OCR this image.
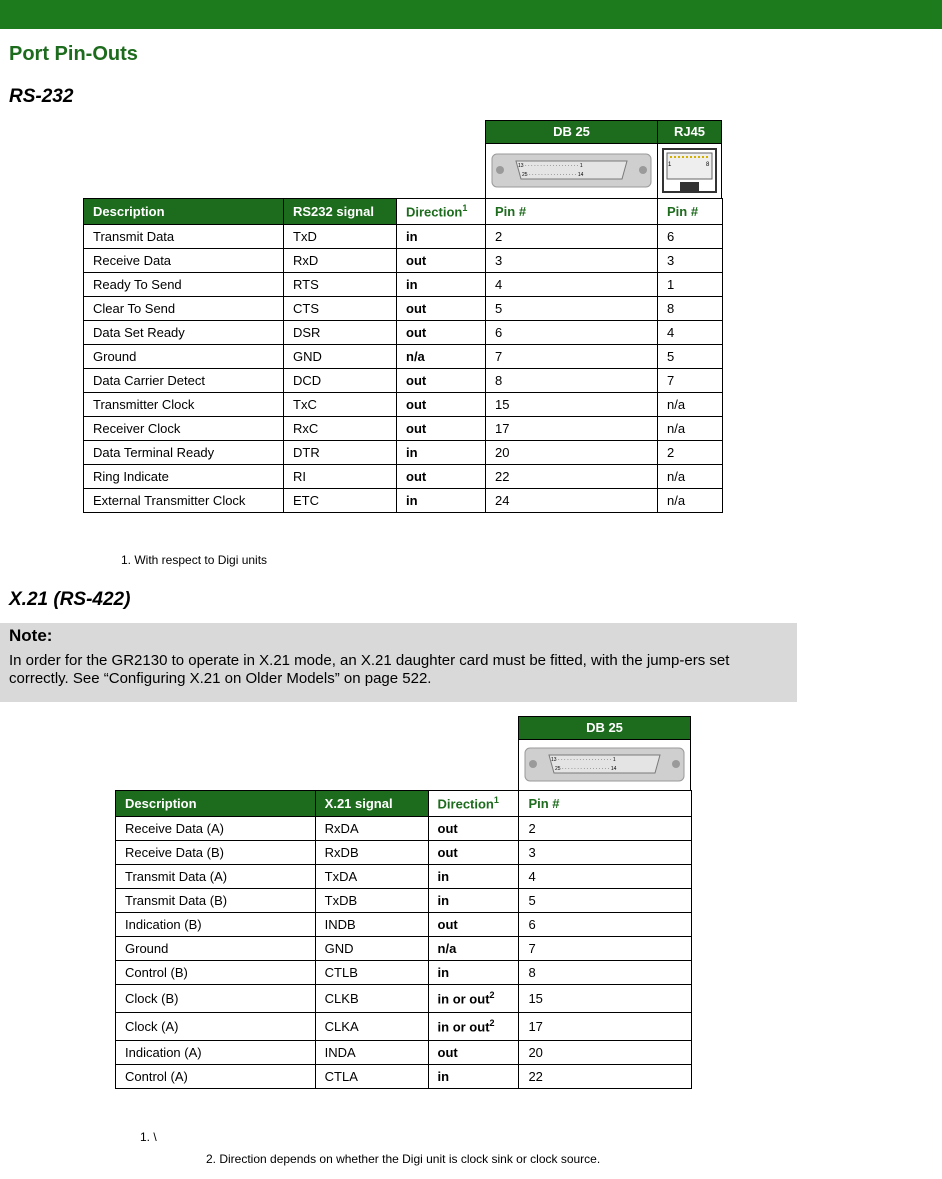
Port Pin-Outs
RS-232
DB 25	RJ45
13 · · · · · · · · · · · · · · · · · · 1
25 · · · · · · · · · · · · · · · · 14
1	8
Description	RS232 signal	Direction$^1$	Pin #	Pin #
Transmit Data	TxD	in	2	6
Receive Data	RxD	out	3	3
Ready To Send	RTS	in	4	1
Clear To Send	CTS	out	5	8
Data Set Ready	DSR	out	6	4
Ground	GND	n/a	7	5
Data Carrier Detect	DCD	out	8	7
Transmitter Clock	TxC	out	15	n/a
Receiver Clock	RxC	out	17	n/a
Data Terminal Ready	DTR	in	20	2
Ring Indicate	RI	out	22	n/a
External Transmitter Clock	ETC	in	24	n/a
1. With respect to Digi units
X.21 (RS-422)
Note:
In order for the GR2130 to operate in X.21 mode, an X.21 daughter card must be fitted, with the jump-ers set correctly. See “Configuring X.21 on Older Models” on page 522.
DB 25
13 · · · · · · · · · · · · · · · · · · 1
25 · · · · · · · · · · · · · · · · 14
Description	X.21 signal	Direction$^1$	Pin #
Receive Data (A)	RxDA	out	2
Receive Data (B)	RxDB	out	3
Transmit Data (A)	TxDA	in	4
Transmit Data (B)	TxDB	in	5
Indication (B)	INDB	out	6
Ground	GND	n/a	7
Control (B)	CTLB	in	8
Clock (B)	CLKB	in or out$^2$	15
Clock (A)	CLKA	in or out$^2$	17
Indication (A)	INDA	out	20
Control (A)	CTLA	in	22
1. \
2. Direction depends on whether the Digi unit is clock sink or clock source.
